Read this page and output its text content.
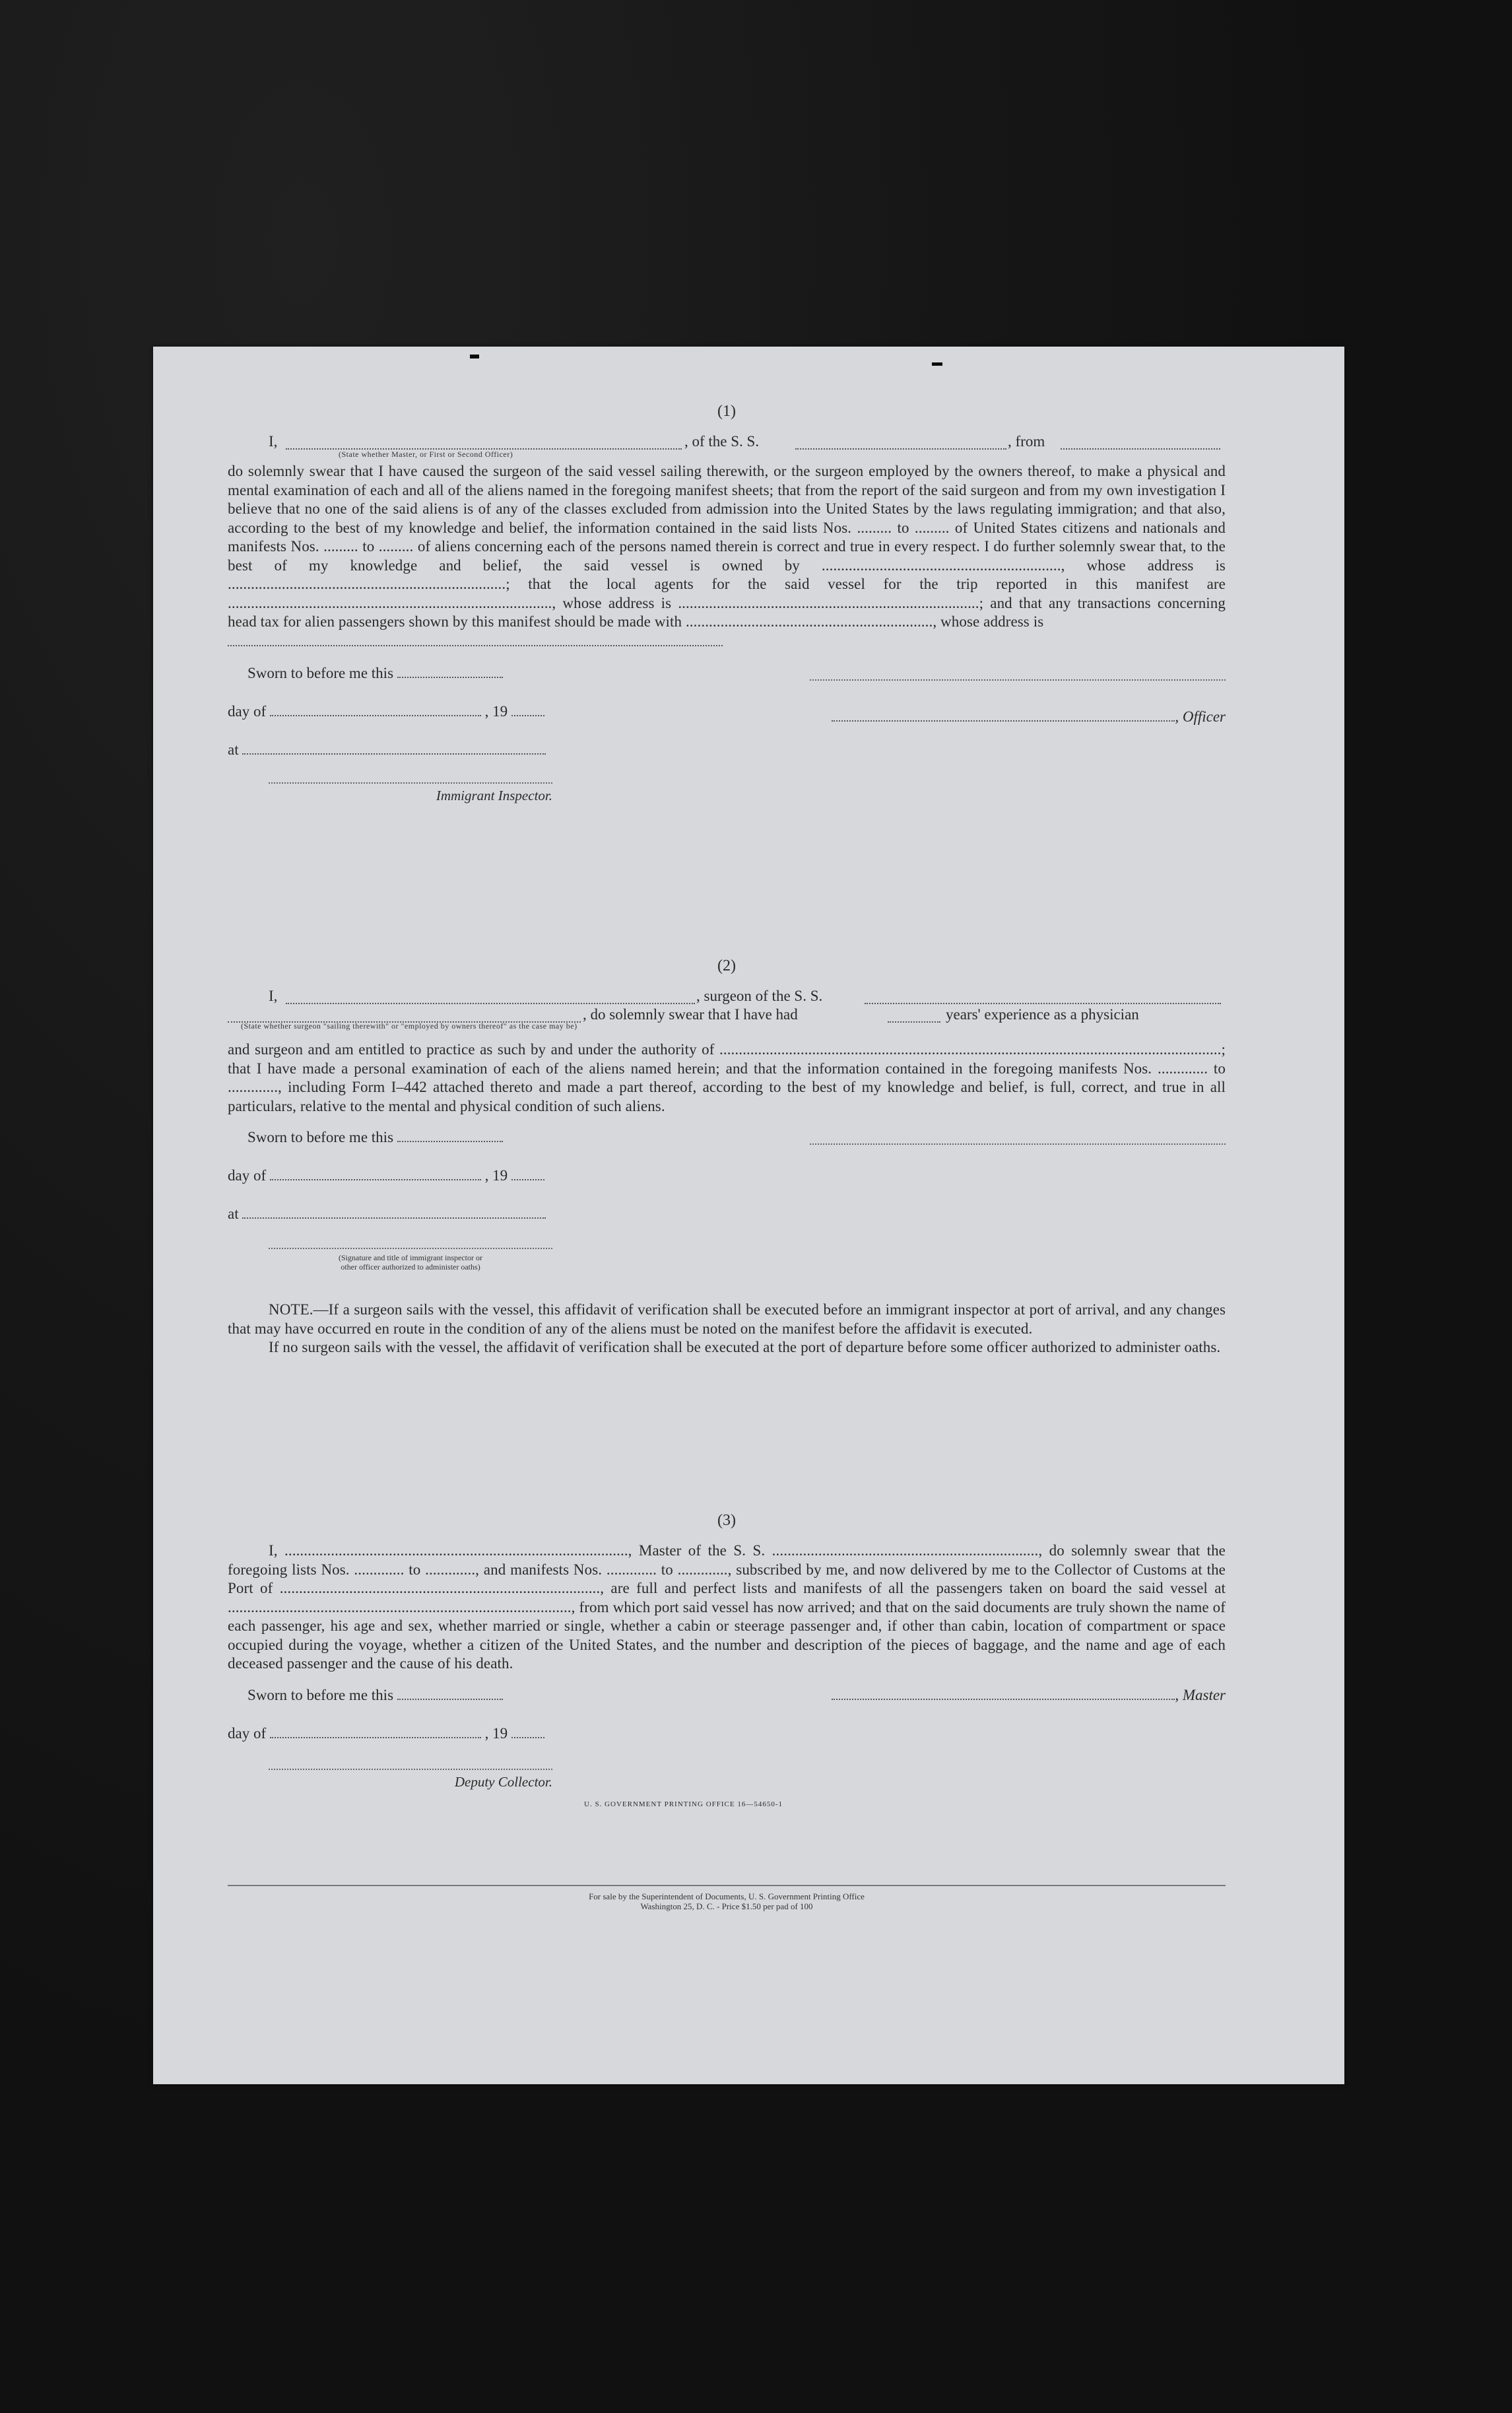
(1)
I,	, of the S. S.	, from
(State whether Master, or First or Second Officer)
do solemnly swear that I have caused the surgeon of the said vessel sailing therewith, or the surgeon employed by the owners thereof, to make a physical and mental examination of each and all of the aliens named in the foregoing manifest sheets; that from the report of the said surgeon and from my own investigation I believe that no one of the said aliens is of any of the classes excluded from admission into the United States by the laws regulating immigration; and that also, according to the best of my knowledge and belief, the information contained in the said lists Nos. ......... to ......... of United States citizens and nationals and manifests Nos. ......... to ......... of aliens concerning each of the persons named therein is correct and true in every respect. I do further solemnly swear that, to the best of my knowledge and belief, the said vessel is owned by .............................................................., whose address is ........................................................................; that the local agents for the said vessel for the trip reported in this manifest are ...................................................................................., whose address is ..............................................................................; and that any transactions concerning head tax for alien passengers shown by this manifest should be made with ................................................................, whose address is
Sworn to before me this
day of	, 19
at
, Officer
Immigrant Inspector.
(2)
I,	, surgeon of the S. S.
, do solemnly swear that I have had	years' experience as a physician
(State whether surgeon "sailing therewith" or "employed by owners thereof" as the case may be)
and surgeon and am entitled to practice as such by and under the authority of ..................................................................................................................................; that I have made a personal examination of each of the aliens named herein; and that the information contained in the foregoing manifests Nos. ............. to ............., including Form I–442 attached thereto and made a part thereof, according to the best of my knowledge and belief, is full, correct, and true in all particulars, relative to the mental and physical condition of such aliens.
Sworn to before me this
day of	, 19
at
(Signature and title of immigrant inspector or
other officer authorized to administer oaths)
NOTE.—If a surgeon sails with the vessel, this affidavit of verification shall be executed before an immigrant inspector at port of arrival, and any changes that may have occurred en route in the condition of any of the aliens must be noted on the manifest before the affidavit is executed.
If no surgeon sails with the vessel, the affidavit of verification shall be executed at the port of departure before some officer authorized to administer oaths.
(3)
I, ........................................................................................., Master of the S. S. ....................................................................., do solemnly swear that the foregoing lists Nos. ............. to ............., and manifests Nos. ............. to ............., subscribed by me, and now delivered by me to the Collector of Customs at the Port of ..................................................................................., are full and perfect lists and manifests of all the passengers taken on board the said vessel at ........................................................................................., from which port said vessel has now arrived; and that on the said documents are truly shown the name of each passenger, his age and sex, whether married or single, whether a cabin or steerage passenger and, if other than cabin, location of compartment or space occupied during the voyage, whether a citizen of the United States, and the number and description of the pieces of baggage, and the name and age of each deceased passenger and the cause of his death.
Sworn to before me this	, Master
day of	, 19
Deputy Collector.
U. S. GOVERNMENT PRINTING OFFICE 16—54650-1
For sale by the Superintendent of Documents, U. S. Government Printing Office
Washington 25, D. C. - Price $1.50 per pad of 100
